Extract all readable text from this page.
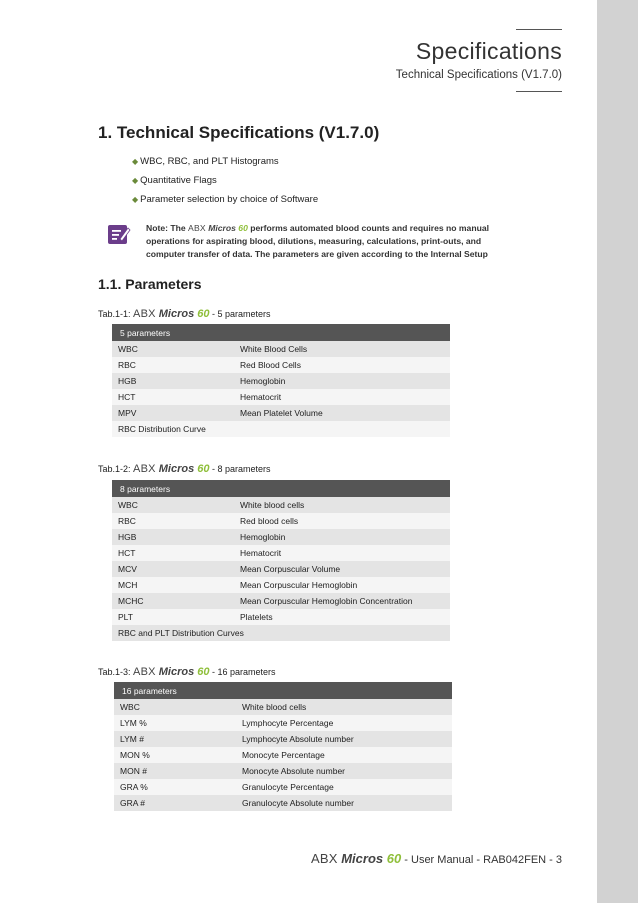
Specifications
Technical Specifications (V1.7.0)
1. Technical Specifications (V1.7.0)
◆ WBC, RBC, and PLT Histograms
◆ Quantitative Flags
◆ Parameter selection by choice of Software
Note: The ABX Micros 60 performs automated blood counts and requires no manual operations for aspirating blood, dilutions, measuring, calculations, print-outs, and computer transfer of data. The parameters are given according to the Internal Setup
1.1. Parameters
Tab.1-1: ABX Micros 60 - 5 parameters
5 parameters	
WBC	White Blood Cells
RBC	Red Blood Cells
HGB	Hemoglobin
HCT	Hematocrit
MPV	Mean Platelet Volume
RBC Distribution Curve	
Tab.1-2: ABX Micros 60 - 8 parameters
8 parameters	
WBC	White blood cells
RBC	Red blood cells
HGB	Hemoglobin
HCT	Hematocrit
MCV	Mean Corpuscular Volume
MCH	Mean Corpuscular Hemoglobin
MCHC	Mean Corpuscular Hemoglobin Concentration
PLT	Platelets
RBC and PLT Distribution Curves	
Tab.1-3: ABX Micros 60 - 16 parameters
16 parameters	
WBC	White blood cells
LYM %	Lymphocyte Percentage
LYM #	Lymphocyte Absolute number
MON %	Monocyte Percentage
MON #	Monocyte Absolute number
GRA %	Granulocyte Percentage
GRA #	Granulocyte Absolute number
ABX Micros 60 - User Manual - RAB042FEN - 3
